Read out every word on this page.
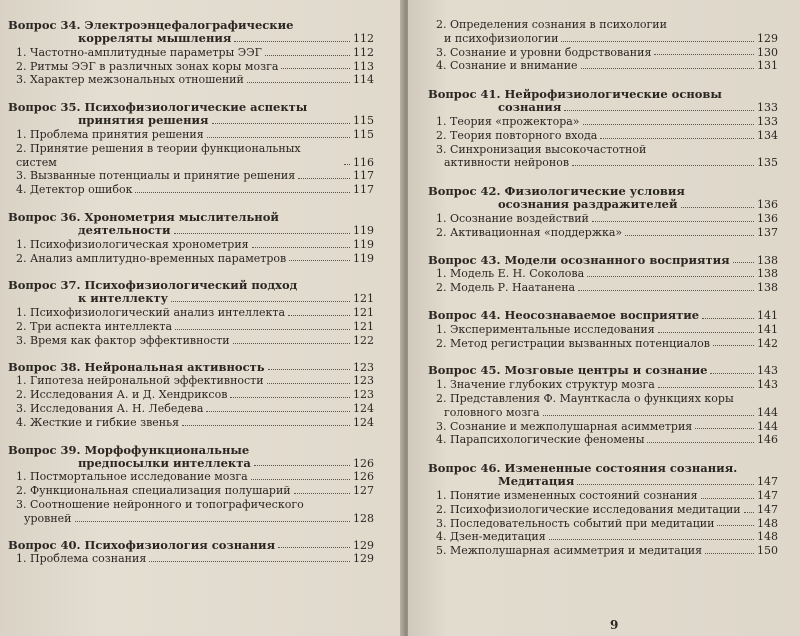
Вопрос 34. Электроэнцефалографические
корреляты мышления	112
1. Частотно-амплитудные параметры ЭЭГ	112
2. Ритмы ЭЭГ в различных зонах коры мозга	113
3. Характер межзональных отношений	114
Вопрос 35. Психофизиологические аспекты
принятия решения	115
1. Проблема принятия решения	115
2. Принятие решения в теории функциональных систем	116
3. Вызванные потенциалы и принятие решения	117
4. Детектор ошибок	117
Вопрос 36. Хронометрия мыслительной
деятельности	119
1. Психофизиологическая хронометрия	119
2. Анализ амплитудно-временных параметров	119
Вопрос 37. Психофизиологический подход
к интеллекту	121
1. Психофизиологический анализ интеллекта	121
2. Три аспекта интеллекта	121
3. Время как фактор эффективности	122
Вопрос 38. Нейрональная активность	123
1. Гипотеза нейрональной эффективности	123
2. Исследования А. и Д. Хендриксов	123
3. Исследования А. Н. Лебедева	124
4. Жесткие и гибкие звенья	124
Вопрос 39. Морфофункциональные
предпосылки интеллекта	126
1. Постмортальное исследование мозга	126
2. Функциональная специализация полушарий	127
3. Соотношение нейронного и топографического
уровней	128
Вопрос 40. Психофизиология сознания	129
1. Проблема сознания	129
2. Определения сознания в психологии
и психофизиологии	129
3. Сознание и уровни бодрствования	130
4. Сознание и внимание	131
Вопрос 41. Нейрофизиологические основы
сознания	133
1. Теория «прожектора»	133
2. Теория повторного входа	134
3. Синхронизация высокочастотной
активности нейронов	135
Вопрос 42. Физиологические условия
осознания раздражителей	136
1. Осознание воздействий	136
2. Активационная «поддержка»	137
Вопрос 43. Модели осознанного восприятия 138
1. Модель Е. Н. Соколова	138
2. Модель Р. Наатанена	138
Вопрос 44. Неосознаваемое восприятие	141
1. Экспериментальные исследования	141
2. Метод регистрации вызванных потенциалов	142
Вопрос 45. Мозговые центры и сознание	143
1. Значение глубоких структур мозга	143
2. Представления Ф. Маунткасла о функциях коры
головного мозга	144
3. Сознание и межполушарная асимметрия	144
4. Парапсихологические феномены	146
Вопрос 46. Измененные состояния сознания.
Медитация	147
1. Понятие измененных состояний сознания	147
2. Психофизиологические исследования медитации 147
3. Последовательность событий при медитации	148
4. Дзен-медитация	148
5. Межполушарная асимметрия и медитация	150
9
